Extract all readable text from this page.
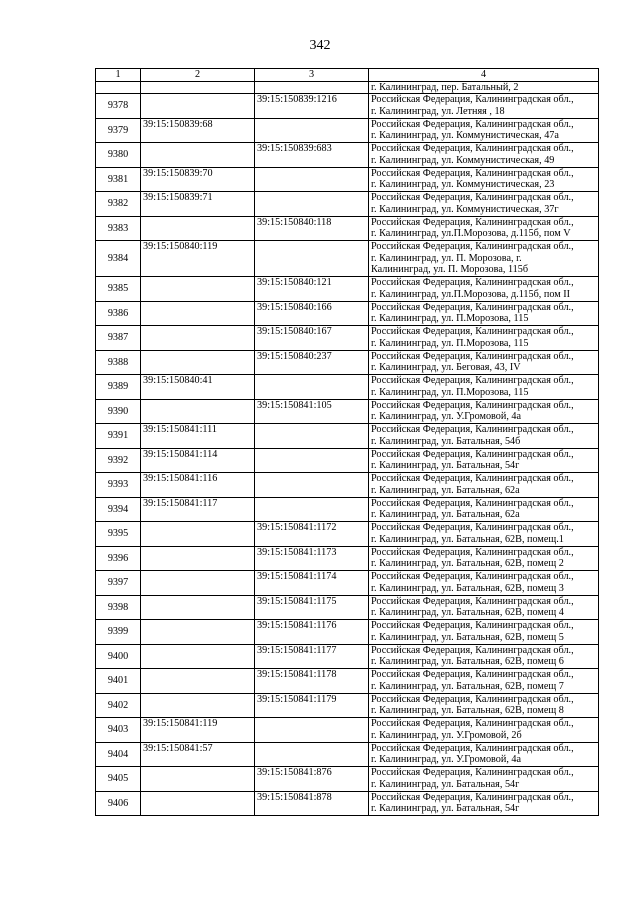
342
1	2	3	4

			г. Калининград, пер. Батальный, 2

9378		39:15:150839:1216	Российская Федерация, Калининградская обл.,
г. Калининград, ул. Летняя , 18

9379	39:15:150839:68		Российская Федерация, Калининградская обл.,
г. Калининград, ул. Коммунистическая, 47а

9380		39:15:150839:683	Российская Федерация, Калининградская обл.,
г. Калининград, ул. Коммунистическая, 49

9381	39:15:150839:70		Российская Федерация, Калининградская обл.,
г. Калининград, ул. Коммунистическая, 23

9382	39:15:150839:71		Российская Федерация, Калининградская обл.,
г. Калининград, ул. Коммунистическая, 37г

9383		39:15:150840:118	Российская Федерация, Калининградская обл.,
г. Калининград, ул.П.Морозова, д.115б, пом V

9384	39:15:150840:119		Российская Федерация, Калининградская обл.,
г. Калининград, ул. П. Морозова, г.
Калининград, ул. П. Морозова, 115б

9385		39:15:150840:121	Российская Федерация, Калининградская обл.,
г. Калининград, ул.П.Морозова, д.115б, пом II

9386		39:15:150840:166	Российская Федерация, Калининградская обл.,
г. Калининград, ул. П.Морозова, 115

9387		39:15:150840:167	Российская Федерация, Калининградская обл.,
г. Калининград, ул. П.Морозова, 115

9388		39:15:150840:237	Российская Федерация, Калининградская обл.,
г. Калининград, ул. Беговая, 43, IV

9389	39:15:150840:41		Российская Федерация, Калининградская обл.,
г. Калининград, ул. П.Морозова, 115

9390		39:15:150841:105	Российская Федерация, Калининградская обл.,
г. Калининград, ул. У.Громовой, 4а

9391	39:15:150841:111		Российская Федерация, Калининградская обл.,
г. Калининград, ул. Батальная, 54б

9392	39:15:150841:114		Российская Федерация, Калининградская обл.,
г. Калининград, ул. Батальная, 54г

9393	39:15:150841:116		Российская Федерация, Калининградская обл.,
г. Калининград, ул. Батальная, 62а

9394	39:15:150841:117		Российская Федерация, Калининградская обл.,
г. Калининград, ул. Батальная, 62а

9395		39:15:150841:1172	Российская Федерация, Калининградская обл.,
г. Калининград, ул. Батальная, 62В, помещ.1

9396		39:15:150841:1173	Российская Федерация, Калининградская обл.,
г. Калининград, ул. Батальная, 62В, помещ 2

9397		39:15:150841:1174	Российская Федерация, Калининградская обл.,
г. Калининград, ул. Батальная, 62В, помещ 3

9398		39:15:150841:1175	Российская Федерация, Калининградская обл.,
г. Калининград, ул. Батальная, 62В, помещ 4

9399		39:15:150841:1176	Российская Федерация, Калининградская обл.,
г. Калининград, ул. Батальная, 62В, помещ 5

9400		39:15:150841:1177	Российская Федерация, Калининградская обл.,
г. Калининград, ул. Батальная, 62В, помещ 6

9401		39:15:150841:1178	Российская Федерация, Калининградская обл.,
г. Калининград, ул. Батальная, 62В, помещ 7

9402		39:15:150841:1179	Российская Федерация, Калининградская обл.,
г. Калининград, ул. Батальная, 62В, помещ 8

9403	39:15:150841:119		Российская Федерация, Калининградская обл.,
г. Калининград, ул. У.Громовой, 2б

9404	39:15:150841:57		Российская Федерация, Калининградская обл.,
г. Калининград, ул. У.Громовой, 4а

9405		39:15:150841:876	Российская Федерация, Калининградская обл.,
г. Калининград, ул. Батальная, 54г

9406		39:15:150841:878	Российская Федерация, Калининградская обл.,
г. Калининград, ул. Батальная, 54г
